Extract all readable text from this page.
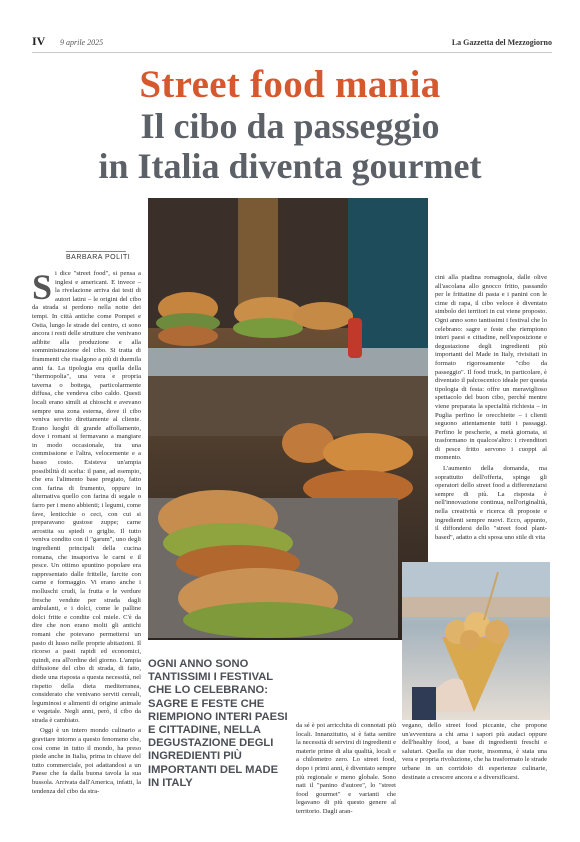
IV 9 aprile 2025	La Gazzetta del Mezzogiorno
Street food mania
Il cibo da passeggio
in Italia diventa gourmet
BARBARA POLITI

Si dice "street food", si pensa a inglesi e americani. E invece – la rivelazione arriva dai testi di autori latini – le origini del cibo da strada si perdono nella notte dei tempi. In città antiche come Pompei e Ostia, lungo le strade del centro, ci sono ancora i resti delle strutture che venivano adibite alla produzione e alla somministrazione del cibo. Si tratta di frammenti che risalgono a più di duemila anni fa. La tipologia era quella della "thermopolia", una vera e propria taverna o bottega, particolarmente diffusa, che vendeva cibo caldo. Questi locali erano simili ai chioschi e avevano sempre una zona esterna, dove il cibo veniva servito direttamente al cliente. Erano luoghi di grande affollamento, dove i romani si fermavano a mangiare in modo occasionale, tra una commissione e l'altra, velocemente e a basso costo. Esisteva un'ampia possibilità di scelta: il pane, ad esempio, che era l'alimento base pregiato, fatto con farina di frumento, oppure in alternativa quello con farina di segale o farro per i meno abbienti; i legumi, come fave, lenticchie o ceci, con cui si preparavano gustose zuppe; carne arrostita su spiedi o griglie. Il tutto veniva condito con il "garum", uno degli ingredienti principali della cucina romana, che insaporiva le carni e il pesce. Un ottimo spuntino popolare era rappresentato dalle frittelle, farcite con carne e formaggio. Vi erano anche i molluschi crudi, la frutta e le verdure fresche vendute per strada dagli ambulanti, e i dolci, come le palline dolci fritte e condite col miele. C'è da dire che non erano molti gli antichi romani che potevano permettersi un pasto di lusso nelle proprie abitazioni. Il ricorso a pasti rapidi ed economici, quindi, era all'ordine del giorno. L'ampia diffusione del cibo di strada, di fatto, diede una risposta a questa necessità, nel rispetto della dieta mediterranea, considerato che venivano serviti cereali, leguminosi e alimenti di origine animale e vegetale. Negli anni, però, il cibo da strada è cambiato.

Oggi è un intero mondo culinario a gravitare intorno a questo fenomeno che, così come in tutto il mondo, ha preso piede anche in Italia, prima in chiave del tutto commerciale, poi adattandosi a un Paese che fa dalla buona tavola la sua bussola. Arrivata dall'America, infatti, la tendenza del cibo da stra-

cini alla piadina romagnola, dalle olive all'ascolana allo gnocco fritto, passando per le frittatine di pasta e i panini con le cime di rapa, il cibo veloce è diventato simbolo dei territori in cui viene proposto. Ogni anno sono tantissimi i festival che lo celebrano: sagre e feste che riempiono interi paesi e cittadine, nell'esposizione e degustazione degli ingredienti più importanti del Made in Italy, rivisitati in formato rigorosamente "cibo da passeggio". Il food truck, in particolare, è diventato il palcoscenico ideale per questa tipologia di festa: offre un meraviglioso spettacolo del buon cibo, perché mentre viene preparata la specialità richiesta – in Puglia perfino le orecchiette – i clienti seguono attentamente tutti i passaggi. Perfino le pescherie, a metà giornata, si trasformano in qualcos'altro: i rivenditori di pesce fritto servono i cuoppi al momento.

L'aumento della domanda, ma soprattutto dell'offerta, spinge gli operatori dello street food a differenziarsi sempre di più. La risposta è nell'innovazione continua, nell'originalità, nella creatività e ricerca di proposte e ingredienti sempre nuovi. Ecco, appunto, il diffondersi dello "street food plant-based", adatto a chi sposa uno stile di vita

OGNI ANNO SONO TANTISSIMI I FESTIVAL CHE LO CELEBRANO: SAGRE E FESTE CHE RIEMPIONO INTERI PAESI E CITTADINE, NELLA DEGUSTAZIONE DEGLI INGREDIENTI PIÙ IMPORTANTI DEL MADE IN ITALY

da sé è poi arricchita di connotati più locali. Innanzitutto, si è fatta sentire la necessità di servirsi di ingredienti e materie prime di alta qualità, locali e a chilometro zero. Lo street food, dopo i primi anni, è diventato sempre più regionale e meno globale. Sono nati il "panino d'autore", lo "street food gourmet" e varianti che legavano di più questo genere al territorio. Dagli aran-

vegano, dello street food piccante, che propone un'avventura a chi ama i sapori più audaci oppure dell'healthy food, a base di ingredienti freschi e salutari. Quella su due ruote, insomma, è stata una vera e propria rivoluzione, che ha trasformato le strade urbane in un corridoio di esperienze culinarie, destinate a crescere ancora e a diversificarsi.
